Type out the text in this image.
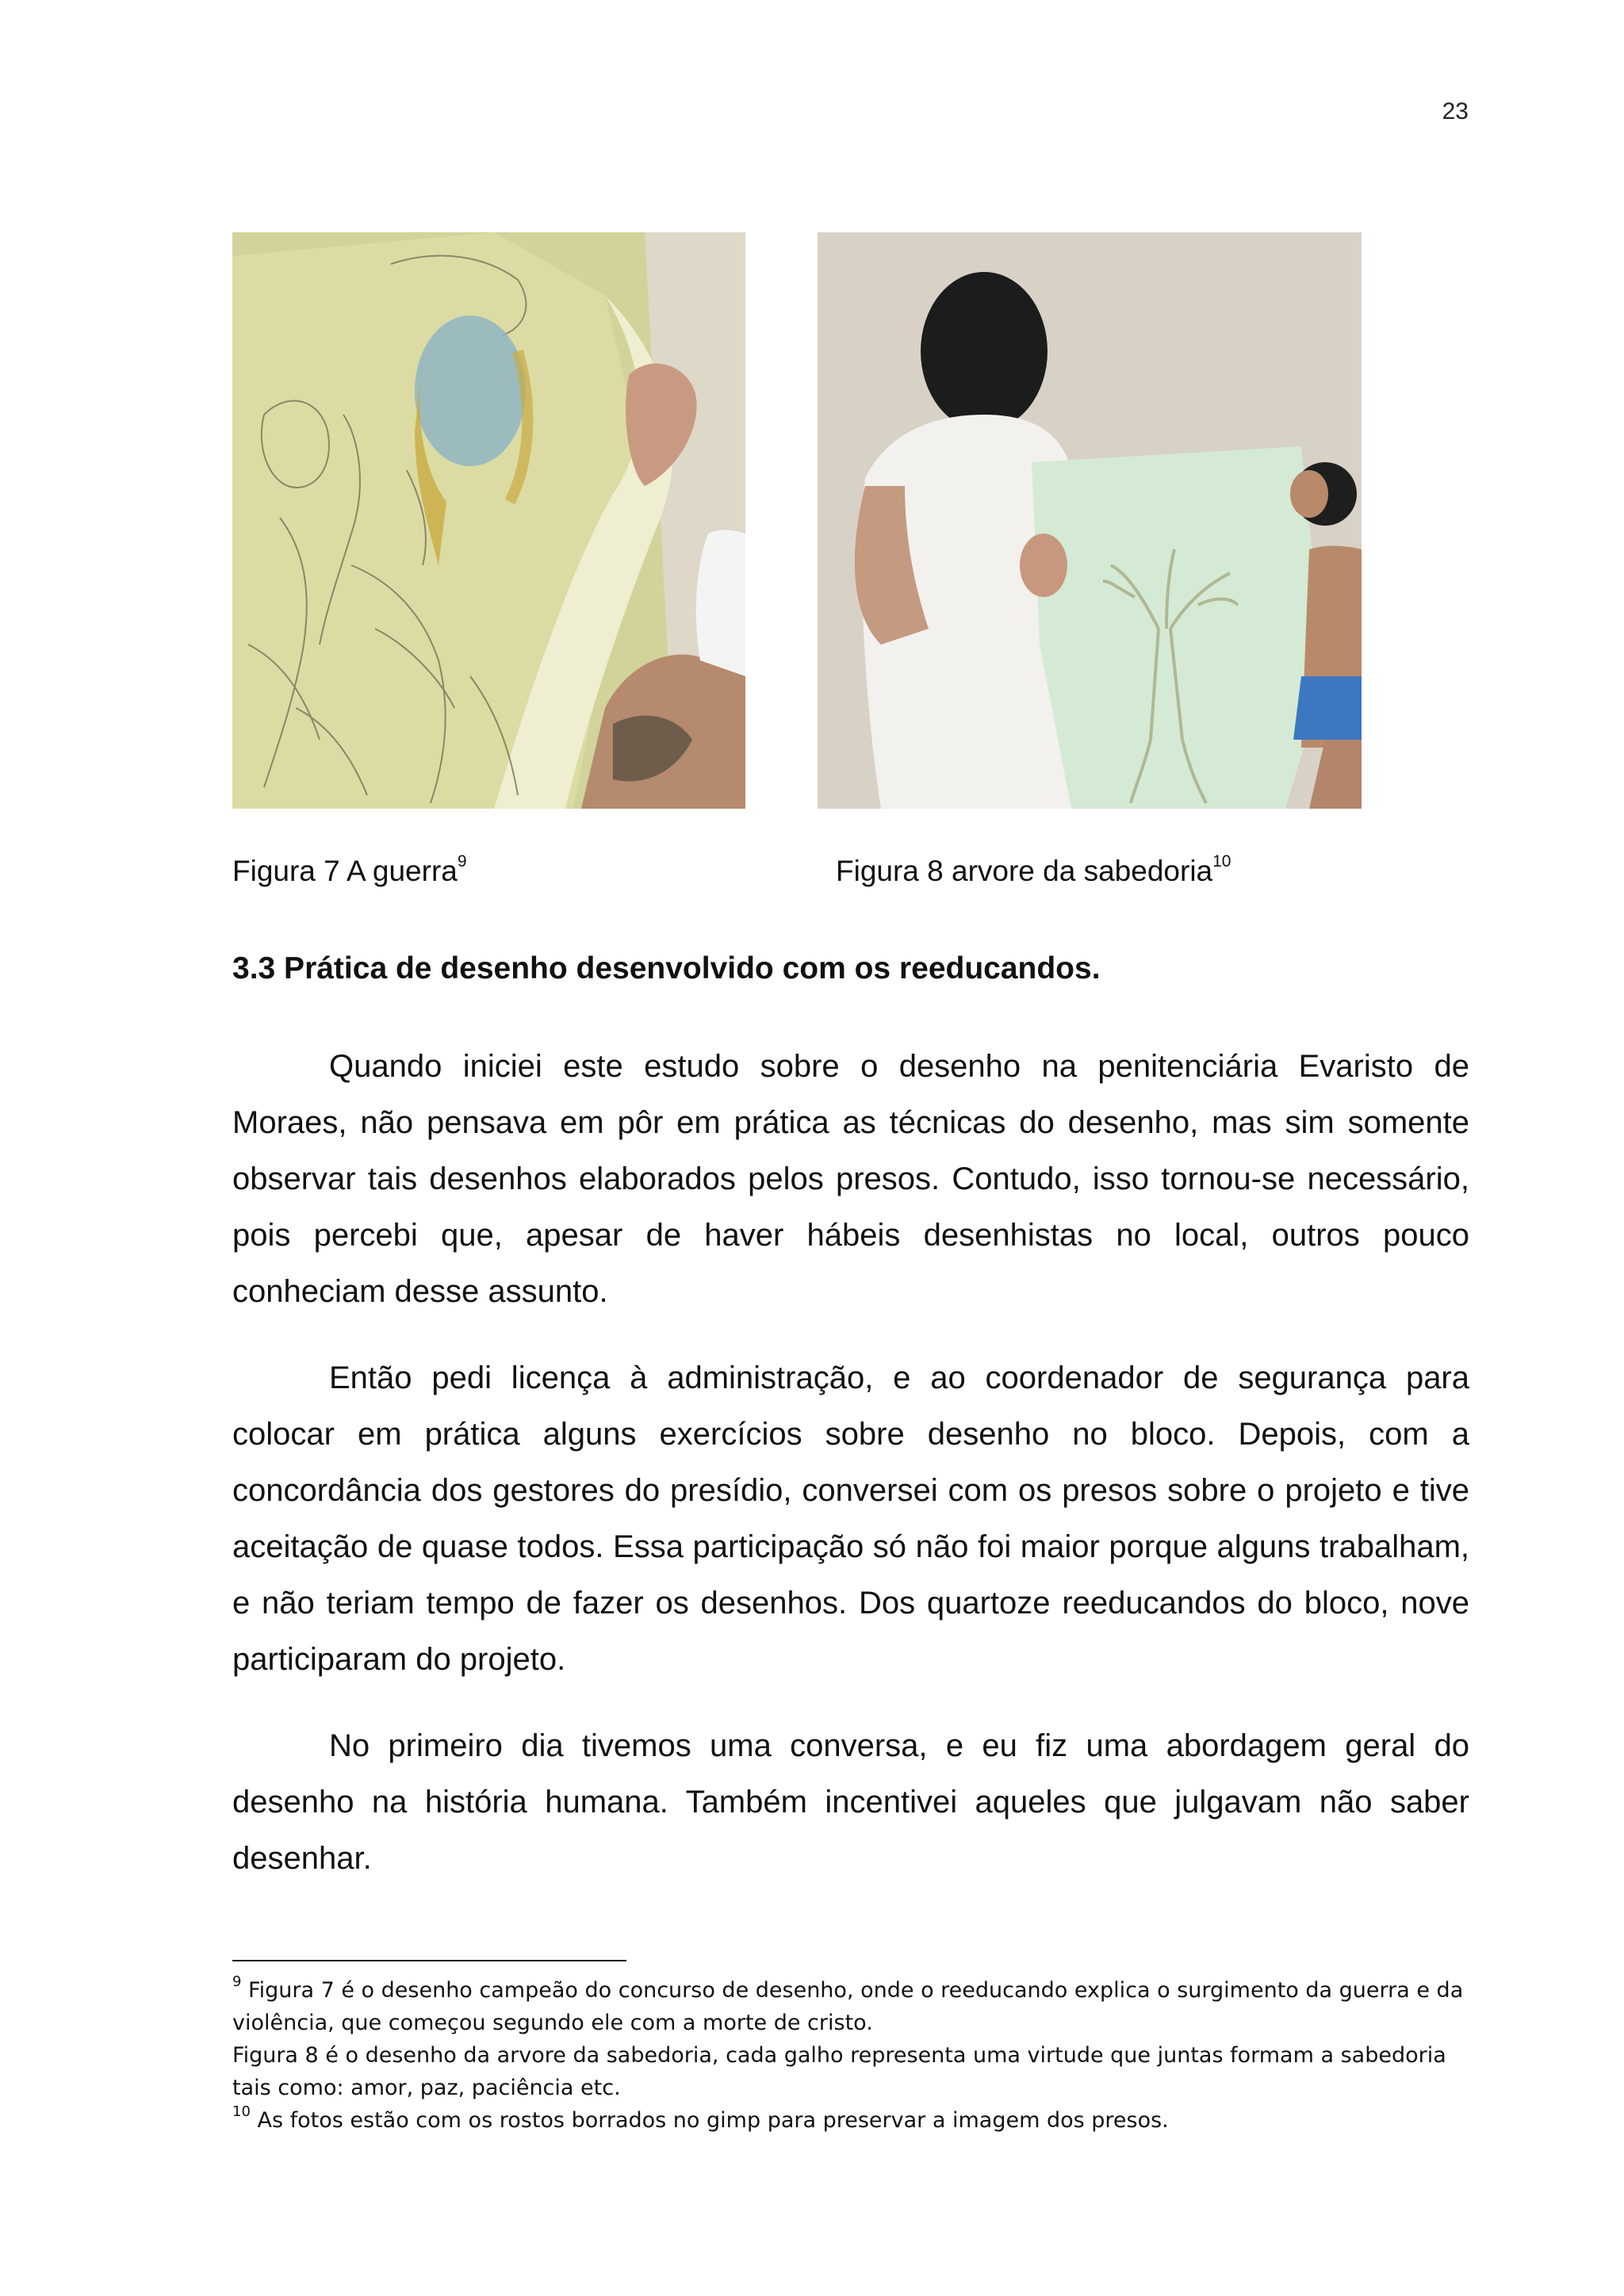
23
Figura 7 A guerra$^9$	Figura 8 arvore da sabedoria$^{10}$
3.3 Prática de desenho desenvolvido com os reeducandos.

Quando iniciei este estudo sobre o desenho na penitenciária Evaristo de Moraes, não pensava em pôr em prática as técnicas do desenho, mas sim somente observar tais desenhos elaborados pelos presos. Contudo, isso tornou-se necessário, pois percebi que, apesar de haver hábeis desenhistas no local, outros pouco conheciam desse assunto.

Então pedi licença à administração, e ao coordenador de segurança para colocar em prática alguns exercícios sobre desenho no bloco. Depois, com a concordância dos gestores do presídio, conversei com os presos sobre o projeto e tive aceitação de quase todos. Essa participação só não foi maior porque alguns trabalham, e não teriam tempo de fazer os desenhos. Dos quartoze reeducandos do bloco, nove participaram do projeto.

No primeiro dia tivemos uma conversa, e eu fiz uma abordagem geral do desenho na história humana. Também incentivei aqueles que julgavam não saber desenhar.

$^9$ Figura 7 é o desenho campeão do concurso de desenho, onde o reeducando explica o surgimento da guerra e da violência, que começou segundo ele com a morte de cristo.

Figura 8 é o desenho da arvore da sabedoria, cada galho representa uma virtude que juntas formam a sabedoria tais como: amor, paz, paciência etc.

$^{10}$ As fotos estão com os rostos borrados no gimp para preservar a imagem dos presos.
